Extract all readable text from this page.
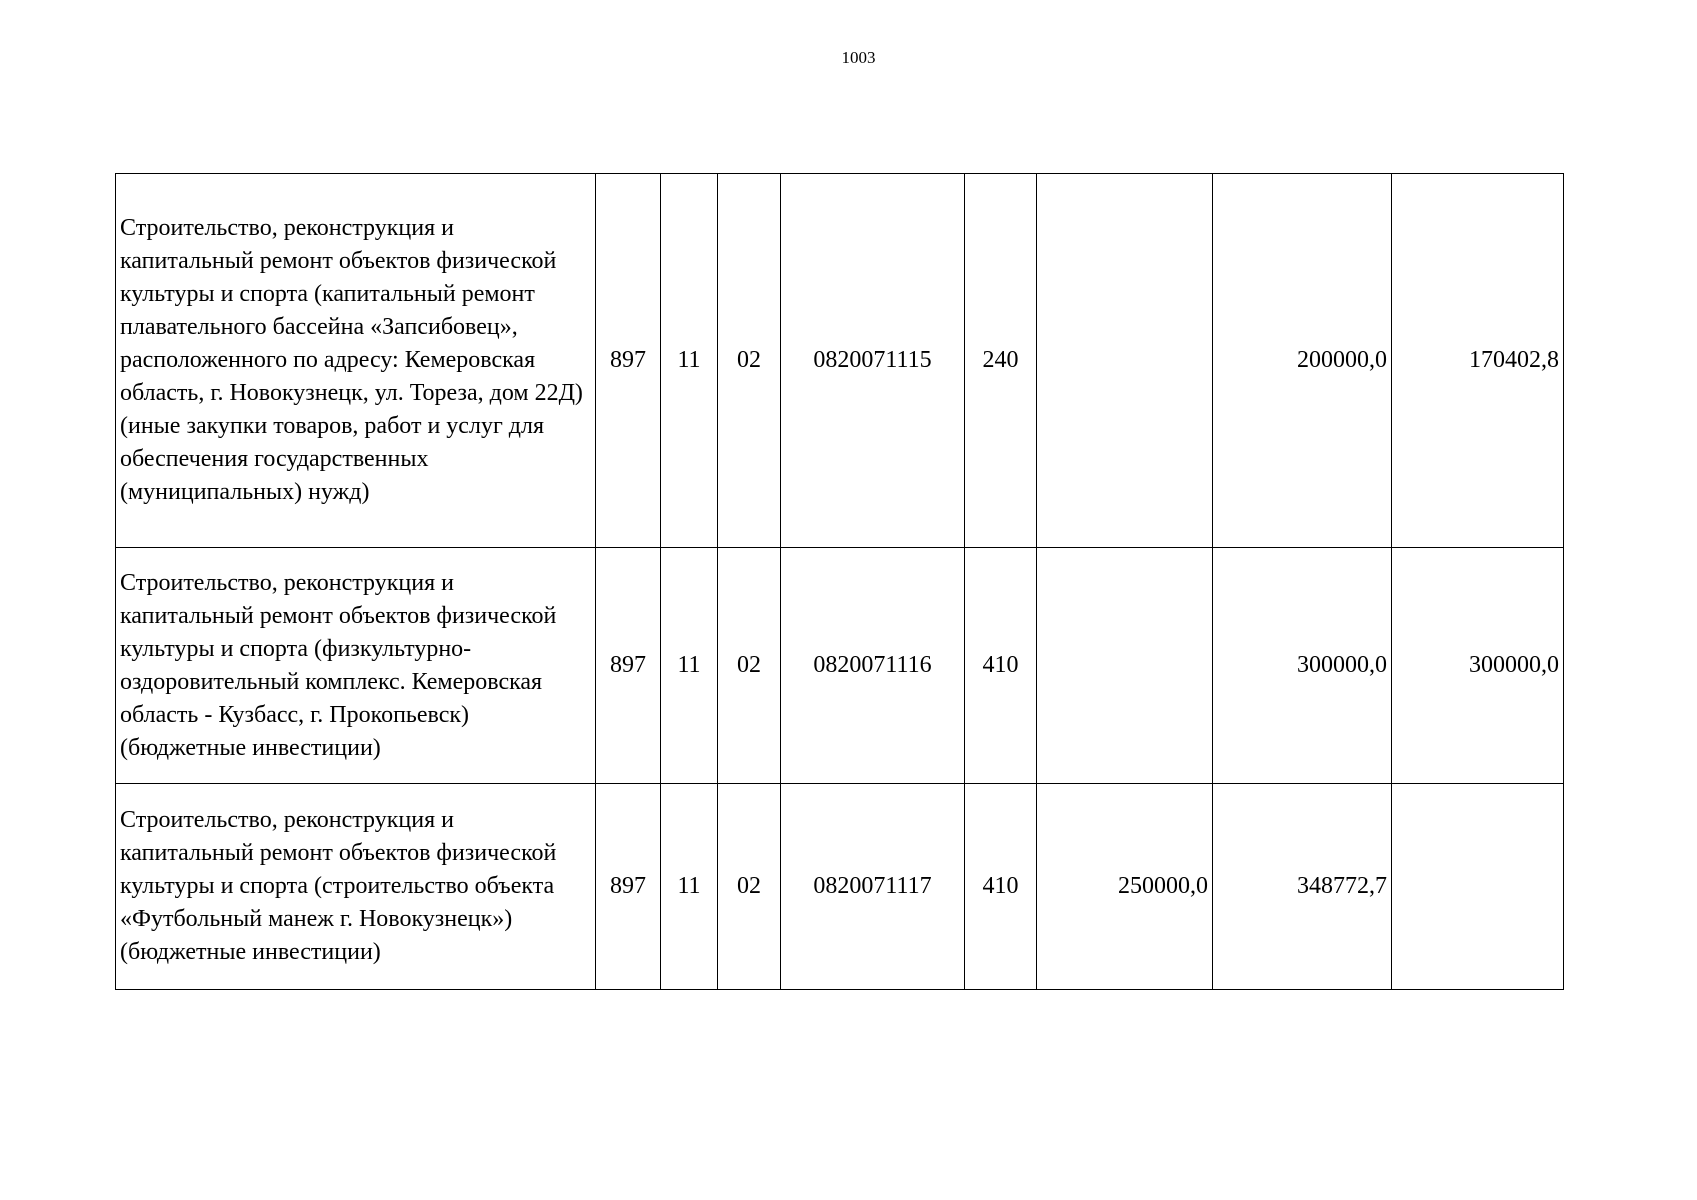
1003
Строительство, реконструкция и капитальный ремонт объектов физической культуры и спорта (капитальный ремонт плавательного бассейна «Запсибовец», расположенного по адресу: Кемеровская область, г. Новокузнецк, ул. Тореза, дом 22Д) (иные закупки товаров, работ и услуг для обеспечения государственных (муниципальных) нужд)	897	11	02	0820071115	240		200000,0	170402,8
Строительство, реконструкция и капитальный ремонт объектов физической культуры и спорта (физкультурно-оздоровительный комплекс. Кемеровская область - Кузбасс, г. Прокопьевск) (бюджетные инвестиции)	897	11	02	0820071116	410		300000,0	300000,0
Строительство, реконструкция и капитальный ремонт объектов физической культуры и спорта (строительство объекта «Футбольный манеж г. Новокузнецк») (бюджетные инвестиции)	897	11	02	0820071117	410	250000,0	348772,7	
